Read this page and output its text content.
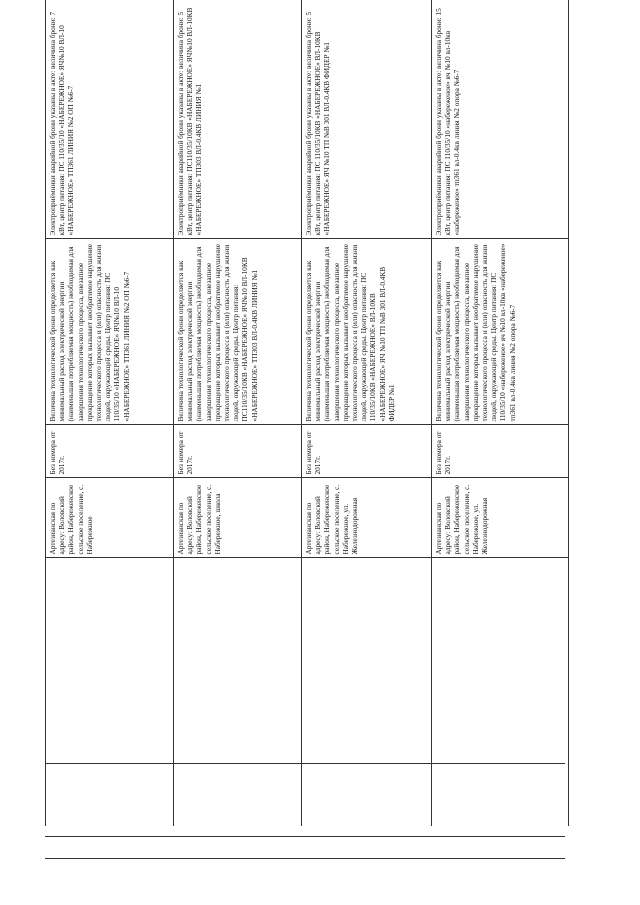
	Артезианская по адресу: Воловский район, Набереженское сельское поселение, с. Набережное	Без номера от 2017г.	Величина технологической брони определяется как минимальный расход электрической энергии (наименьшая потребляемая мощность) необходимая для завершения технологического процесса, внезапное прекращение которых вызывает необратимое нарушение технологического процесса и (или) опасность для жизни людей, окружающей среды. Центр питания: ПС 110/35/10 «НАБЕРЕЖНОЕ» ЯЧ№10 ВЛ-10 «НАБЕРЕЖНОЕ» ТП361 ЛИНИЯ №2 ОП №6-7	Электроприёмники аварийной брони указаны в акте: величина брони: 7 кВт, центр питания: ПС 110/35/10 «НАБЕРЕЖНОЕ» ЯЧ№10 ВЛ-10 «НАБЕРЕЖНОЕ» ТП361 ЛИНИЯ №2 ОП №6-7
	Артезианская по адресу: Воловский район, Набереженское сельское поселение, с. Набережное, школа	Без номера от 2017г.	Величина технологической брони определяется как минимальный расход электрической энергии (наименьшая потребляемая мощность) необходимая для завершения технологического процесса, внезапное прекращение которых вызывает необратимое нарушение технологического процесса и (или) опасность для жизни людей, окружающей среды. Центр питания: ПС110/35/10КВ «НАБЕРЕЖНОЕ» ЯЧ№10 ВЛ-10КВ «НАБЕРЕЖНОЕ» ТП303 ВЛ-0.4КВ ЛИНИЯ №1	Электроприёмники аварийной брони указаны в акте: величина брони: 5 кВт, центр питания: ПС110/35/10КВ «НАБЕРЕЖНОЕ» ЯЧ№10 ВЛ-10КВ «НАБЕРЕЖНОЕ» ТП303 ВЛ-0.4КВ ЛИНИЯ №1
	Артезианская по адресу: Воловский район, Набереженское сельское поселение, с. Набережное, ул. Железнодорожная	Без номера от 2017г.	Величина технологической брони определяется как минимальный расход электрической энергии (наименьшая потребляемая мощность) необходимая для завершения технологического процесса, внезапное прекращение которых вызывает необратимое нарушение технологического процесса и (или) опасность для жизни людей, окружающей среды. Центр питания: ПС 110/35/10КВ «НАБЕРЕЖНОЕ» ВЛ-10КВ «НАБЕРЕЖНОЕ» ЯЧ №10 ТП №В 301 ВЛ-0.4КВ ФИДЕР №1	Электроприёмники аварийной брони указаны в акте: величина брони: 5 кВт, центр питания: ПС 110/35/10КВ «НАБЕРЕЖНОЕ» ВЛ-10КВ «НАБЕРЕЖНОЕ» ЯЧ №10 ТП №В 301 ВЛ-0.4КВ ФИДЕР №1
	Артезианская по адресу: Воловский район, Набереженское сельское поселение, с. Набережное, ул. Железнодорожная	Без номера от 2017г.	Величина технологической брони определяется как минимальный расход электрической энергии (наименьшая потребляемая мощность) необходимая для завершения технологического процесса, внезапное прекращение которых вызывает необратимое нарушение технологического процесса и (или) опасность для жизни людей, окружающей среды. Центр питания: ПС 110/35/10 «набереженое» яч №10 вл-10кв «набереженое» тп361 вл-0.4кв линия №2 опора №6-7	Электроприёмники аварийной брони указаны в акте: величина брони: 15 кВт, центр питания: ПС 110/35/10 «набереженое» яч №10 вл-10кв «набереженое» тп361 вл-0.4кв линия №2 опора №6-7
